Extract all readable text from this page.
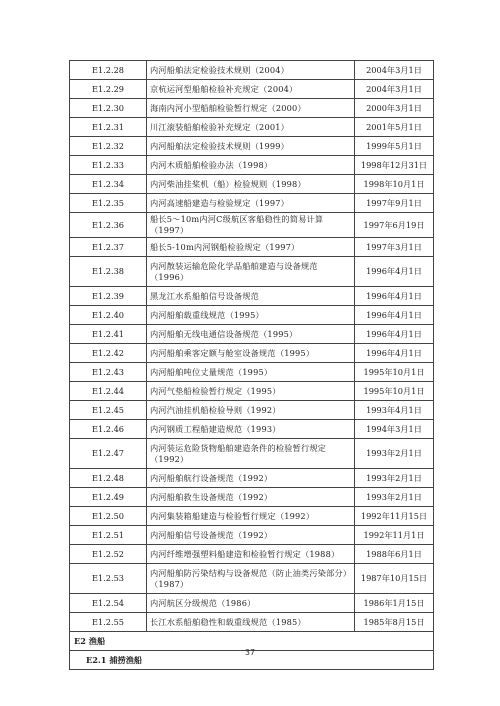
E1.2.28	内河船舶法定检验技术规则（2004）	2004年3月1日
E1.2.29	京杭运河型船舶检验补充规定（2004）	2004年3月1日
E1.2.30	海南内河小型船舶检验暂行规定（2000）	2000年3月1日
E1.2.31	川江滚装船舶检验补充规定（2001）	2001年5月1日
E1.2.32	内河船舶法定检验技术规则（1999）	1999年5月1日
E1.2.33	内河木质船舶检验办法（1998）	1998年12月31日
E1.2.34	内河柴油挂桨机（船）检验规则（1998）	1998年10月1日
E1.2.35	内河高速船建造与检验规定（1997）	1997年9月1日
E1.2.36	船长5～10m内河C级航区客船稳性的简易计算（1997）	1997年6月19日
E1.2.37	船长5-10m内河钢船检验规定（1997）	1997年3月1日
E1.2.38	内河散装运输危险化学品船舶建造与设备规范（1996）	1996年4月1日
E1.2.39	黑龙江水系船舶信号设备规范	1996年4月1日
E1.2.40	内河船舶载重线规范（1995）	1996年4月1日
E1.2.41	内河船舶无线电通信设备规范（1995）	1996年4月1日
E1.2.42	内河船舶乘客定额与舱室设备规范（1995）	1996年4月1日
E1.2.43	内河船舶吨位丈量规范（1995）	1995年10月1日
E1.2.44	内河气垫船检验暂行规定（1995）	1995年10月1日
E1.2.45	内河汽油挂机船检验导则（1992）	1993年4月1日
E1.2.46	内河钢质工程船建造规范（1993）	1994年3月1日
E1.2.47	内河装运危险货物船舶建造条件的检验暂行规定（1992）	1993年2月1日
E1.2.48	内河船舶航行设备规范（1992）	1993年2月1日
E1.2.49	内河船舶救生设备规范（1992）	1993年2月1日
E1.2.50	内河集装箱船建造与检验暂行规定（1992）	1992年11月15日
E1.2.51	内河船舶信号设备规范（1992）	1992年11月1日
E1.2.52	内河纤维增强塑料船建造和检验暂行规定（1988）	1988年6月1日
E1.2.53	内河船舶防污染结构与设备规范（防止油类污染部分）（1987）	1987年10月15日
E1.2.54	内河航区分级规范（1986）	1986年1月15日
E1.2.55	长江水系船舶稳性和载重线规范（1985）	1985年8月15日
E2 渔船		
E2.1 捕捞渔船		
37
